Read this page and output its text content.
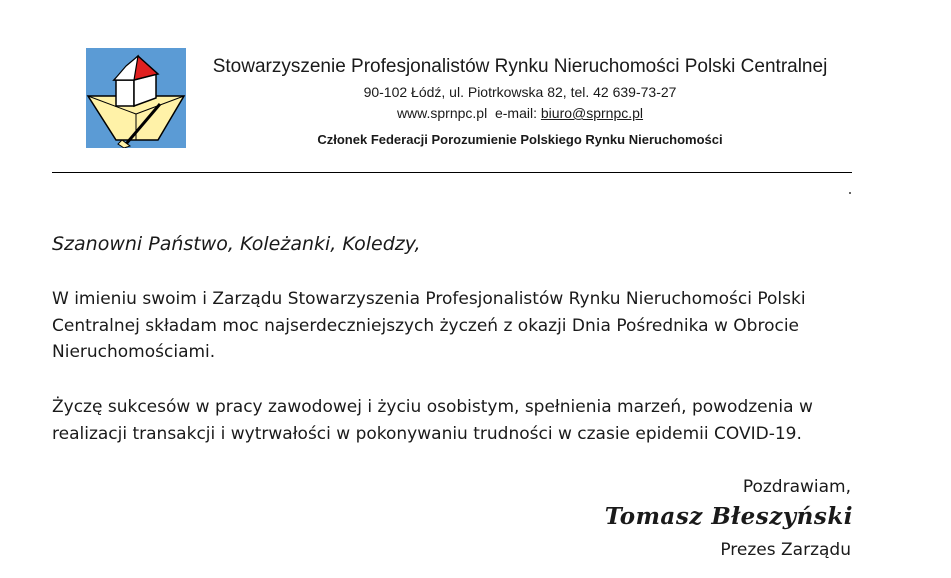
Stowarzyszenie Profesjonalistów Rynku Nieruchomości Polski Centralnej
90-102 Łódź, ul. Piotrkowska 82, tel. 42 639-73-27
www.sprnpc.pl e-mail: biuro@sprnpc.pl
Członek Federacji Porozumienie Polskiego Rynku Nieruchomości
Szanowni Państwo, Koleżanki, Koledzy,
W imieniu swoim i Zarządu Stowarzyszenia Profesjonalistów Rynku Nieruchomości Polski Centralnej składam moc najserdeczniejszych życzeń z okazji Dnia Pośrednika w Obrocie Nieruchomościami.
Życzę sukcesów w pracy zawodowej i życiu osobistym, spełnienia marzeń, powodzenia w realizacji transakcji i wytrwałości w pokonywaniu trudności w czasie epidemii COVID-19.
Pozdrawiam,
Tomasz Błeszyński
Prezes Zarządu
